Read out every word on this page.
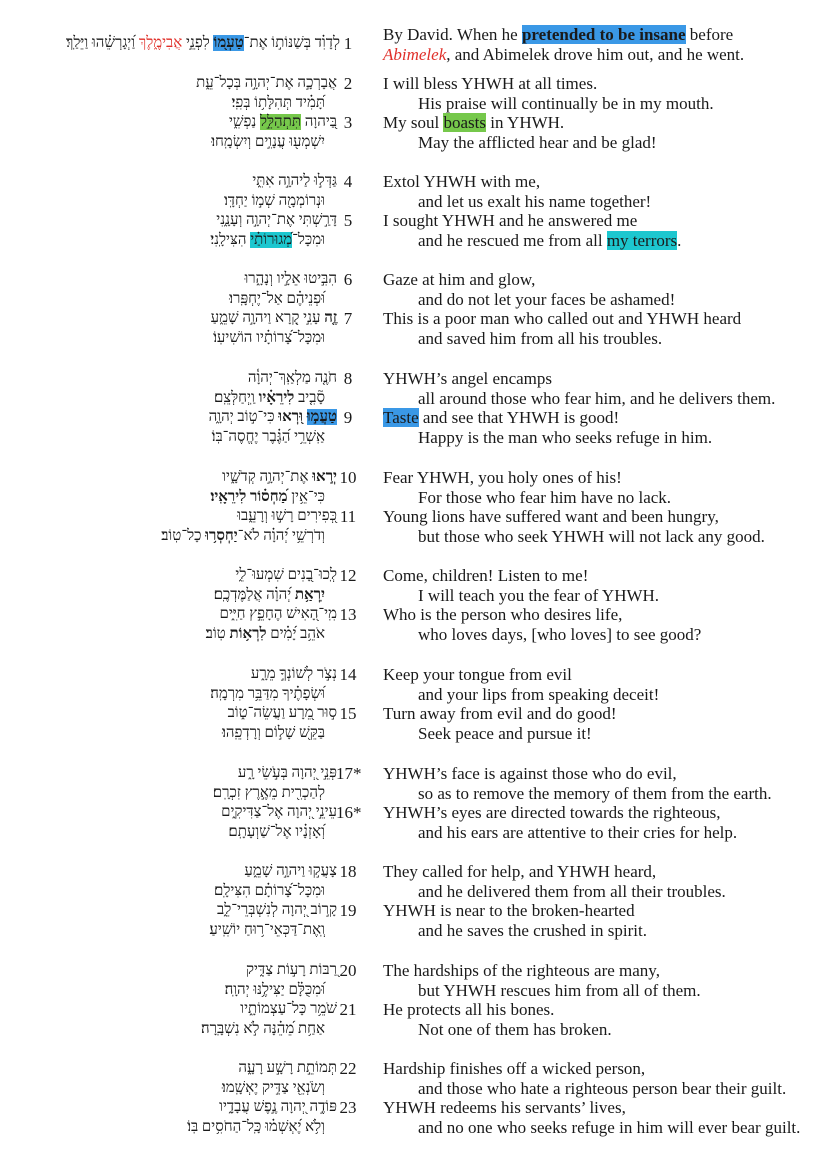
לְדָוִ֗ד בְּשַׁנּוֹת֣וֹ אֶת־טַעְמ֭וֹ לִפְנֵ֣י אֲבִימֶ֑לֶךְ וַ֝יְגָרְשֵׁ֗הוּ וַיֵּלַֽךְ׃	1	By David. When he pretended to be insane before
Abimelek, and Abimelek drove him out, and he went.
אֲבָרְכָ֣ה אֶת־יְהוָ֣ה בְּכָל־עֵ֑ת 2	I will bless YHWH at all times.
תָּ֝מִ֗יד תְּהִלָּת֥וֹ בְּפִֽי׃	His praise will continually be in my mouth.
בַּ֭יהוָה תִּתְהַלֵּ֣ל נַפְשִׁ֑י	3	My soul boasts in YHWH.
יִשְׁמְע֖וּ עֲנָוִ֣ים וְיִשְׂמָֽחוּ׃	May the afflicted hear and be glad!
גַּדְּל֣וּ לַיהוָ֣ה אִתִּ֑י 4	Extol YHWH with me,
וּנְרוֹמְמָ֖ה שְׁמ֣וֹ יַחְדָּֽו׃	and let us exalt his name together!
דָּרַ֣שְׁתִּי אֶת־יְהוָ֣ה וְעָנָ֑נִי 5	I sought YHWH and he answered me
וּמִכָּל־מְ֝גוּרוֹתַ֗י הִצִּילָֽנִי׃	and he rescued me from all my terrors.
הִבִּ֣יטוּ אֵלָ֣יו וְנָהָ֑רוּ 6	Gaze at him and glow,
וּ֝פְנֵיהֶ֗ם אַל־יֶחְפָּֽרוּ׃	and do not let your faces be ashamed!
זֶ֤ה עָנִ֣י קָ֭רָא וַיהוָ֣ה שָׁמֵ֑עַ	7	This is a poor man who called out and YHWH heard
וּמִכָּל־צָ֝רוֹתָ֗יו הוֹשִׁיעֽוֹ׃	and saved him from all his troubles.
חֹנֶ֤ה מַלְאַֽךְ־יְהוָ֓ה 8	YHWH’s angel encamps
סָ֘בִ֤יב לִירֵאָ֗יו וַֽיְחַלְּצֵֽם׃	all around those who fear him, and he delivers them.
טַעֲמ֣וּ וּ֭רְאוּ כִּי־ט֣וֹב יְהוָ֑ה	9	Taste and see that YHWH is good!
אַֽשְׁרֵ֥י הַ֝גֶּ֗בֶר יֶחֱסֶה־בּֽוֹ׃	Happy is the man who seeks refuge in him.
יְר֣אוּ אֶת־יְהוָ֣ה קְדֹשָׁ֑יו	10 Fear YHWH, you holy ones of his!
כִּי־אֵ֥ין מַ֝חְס֗וֹר לִירֵאָֽיו׃	For those who fear him have no lack.
כְּ֭פִירִים רָשׁ֣וּ וְרָעֵ֑בוּ 11 Young lions have suffered want and been hungry,
וְדֹרְשֵׁ֥י יְ֝הוָ֗ה לֹא־יַחְסְר֥וּ כָל־טֽוֹב׃	but those who seek YHWH will not lack any good.
לְֽכוּ־בָ֭נִים שִׁמְעוּ־לִ֑י 12 Come, children! Listen to me!
יִֽרְאַ֥ת יְ֝הוָ֗ה אֲלַמֶּדְכֶֽם׃	I will teach you the fear of YHWH.
מִֽי־הָ֭אִישׁ הֶחָפֵ֣ץ חַיִּ֑ים 13 Who is the person who desires life,
אֹהֵ֥ב יָ֝מִ֗ים לִרְא֥וֹת טֽוֹב׃	who loves days, [who loves] to see good?
נְצֹ֣ר לְשׁוֹנְךָ֣ מֵרָ֑ע 14 Keep your tongue from evil
וּ֝שְׂפָתֶ֗יךָ מִדַּבֵּ֥ר מִרְמָֽה׃	and your lips from speaking deceit!
ס֣וּר מֵ֭רָע וַעֲשֵׂה־ט֑וֹב 15 Turn away from evil and do good!
בַּקֵּ֖שׁ שָׁל֣וֹם וְרָדְפֵֽהוּ׃	Seek peace and pursue it!
פְּנֵ֣י יְ֭הוָה בְּעֹ֣שֵׂי רָ֑ע 17* YHWH’s face is against those who do evil,
לְהַכְרִ֖ית מֵאֶ֣רֶץ זִכְרָֽם׃	so as to remove the memory of them from the earth.
עֵינֵ֣י יְ֭הוָה אֶל־צַדִּיקִ֑ים 16* YHWH’s eyes are directed towards the righteous,
וְ֝אָזְנָ֗יו אֶל־שַׁוְעָתָֽם׃	and his ears are attentive to their cries for help.
צָעֲק֣וּ וַיהוָ֣ה שָׁמֵ֑עַ 18 They called for help, and YHWH heard,
וּמִכָּל־צָ֝רוֹתָ֗ם הִצִּילָֽם׃	and he delivered them from all their troubles.
קָר֣וֹב יְ֭הוָה לְנִשְׁבְּרֵי־לֵ֑ב 19 YHWH is near to the broken-hearted
וְֽאֶת־דַּכְּאֵי־ר֥וּחַ יוֹשִֽׁיעַ׃	and he saves the crushed in spirit.
רַ֭בּוֹת רָע֣וֹת צַדִּ֑יק 20 The hardships of the righteous are many,
וּ֝מִכֻּלָּ֗ם יַצִּילֶ֥נּוּ יְהוָֽה׃	but YHWH rescues him from all of them.
שֹׁמֵ֥ר כָּל־עַצְמוֹתָ֑יו 21 He protects all his bones.
אַחַ֥ת מֵ֝הֵ֗נָּה לֹ֣א נִשְׁבָּֽרָה׃	Not one of them has broken.
תְּמוֹתֵ֣ת רָשָׁ֣ע רָעָ֑ה 22 Hardship finishes off a wicked person,
וְשֹׂנְאֵ֖י צַדִּ֣יק יֶאְשָֽׁמוּ׃	and those who hate a righteous person bear their guilt.
פּוֹדֶ֣ה יְ֭הוָה נֶ֣פֶשׁ עֲבָדָ֑יו 23 YHWH redeems his servants’ lives,
וְלֹ֥א יֶ֝אְשְׁמ֗וּ כָּֽל־הַחֹסִ֥ים בּֽוֹ׃	and no one who seeks refuge in him will ever bear guilt.
